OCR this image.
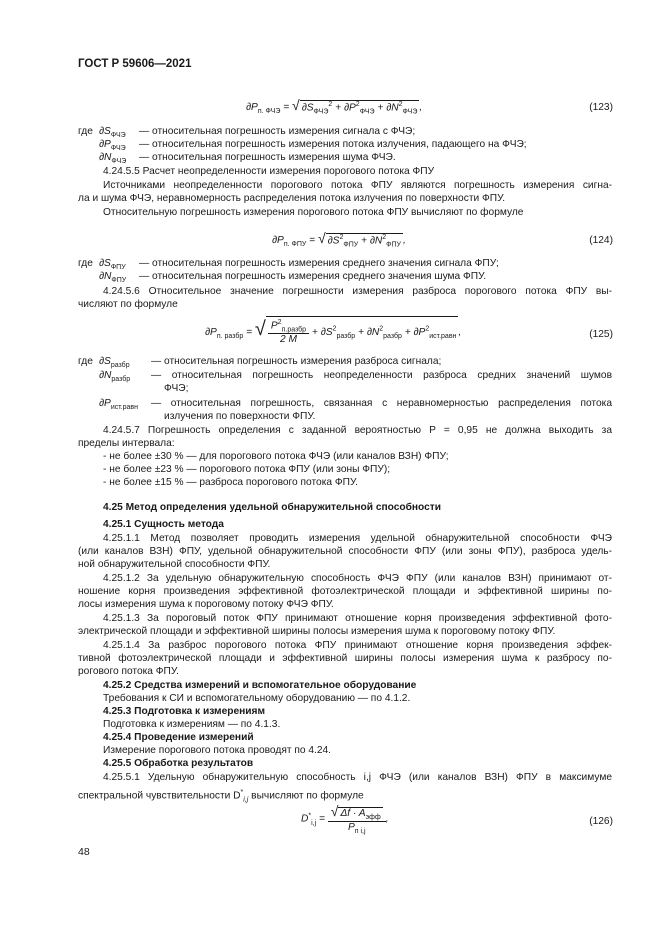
ГОСТ Р 59606—2021
$\partial P_{п. ФЧЭ}$ = √ $\partial S_{ФЧЭ}^2 + \partial P^2_{ФЧЭ} + \partial N^2_{ФЧЭ}$ ,	(123)
где $\partial S_{ФЧЭ}$ — относительная погрешность измерения сигнала с ФЧЭ;
$\partial P_{ФЧЭ}$ — относительная погрешность измерения потока излучения, падающего на ФЧЭ;
$\partial N_{ФЧЭ}$ — относительная погрешность измерения шума ФЧЭ.
4.24.5.5 Расчет неопределенности измерения порогового потока ФПУ
Источниками неопределенности порогового потока ФПУ являются погрешность измерения сигна-
ла и шума ФЧЭ, неравномерность распределения потока излучения по поверхности ФПУ.
Относительную погрешность измерения порогового потока ФПУ вычисляют по формуле
$\partial P_{п. ФПУ}$ = √ $\partial S^2_{ФПУ} + \partial N^2_{ФПУ}$ ,	(124)
где $\partial S_{ФПУ}$ — относительная погрешность измерения среднего значения сигнала ФПУ;
$\partial N_{ФПУ}$ — относительная погрешность измерения среднего значения шума ФПУ.
4.24.5.6 Относительное значение погрешности измерения разброса порогового потока ФПУ вы-
числяют по формуле
$\partial P_{п. разбр}$ = √ $\frac{P^2_{п.разбр}}{2 M} + \partial S^2_{разбр} + \partial N^2_{разбр} + \partial P^2_{ист.равн}$ ,	(125)
где $\partial S_{разбр}$ — относительная погрешность измерения разброса сигнала;
$\partial N_{разбр}$ — относительная погрешность неопределенности разброса средних значений шумов
ФЧЭ;
$\partial P_{ист.равн}$ — относительная погрешность, связанная с неравномерностью распределения потока
излучения по поверхности ФПУ.
4.24.5.7 Погрешность определения с заданной вероятностью P = 0,95 не должна выходить за
пределы интервала:
- не более ±30 % — для порогового потока ФЧЭ (или каналов ВЗН) ФПУ;
- не более ±23 % — порогового потока ФПУ (или зоны ФПУ);
- не более ±15 % — разброса порогового потока ФПУ.
4.25 Метод определения удельной обнаружительной способности
4.25.1 Сущность метода
4.25.1.1 Метод позволяет проводить измерения удельной обнаружительной способности ФЧЭ
(или каналов ВЗН) ФПУ, удельной обнаружительной способности ФПУ (или зоны ФПУ), разброса удель-
ной обнаружительной способности ФПУ.
4.25.1.2 За удельную обнаружительную способность ФЧЭ ФПУ (или каналов ВЗН) принимают от-
ношение корня произведения эффективной фотоэлектрической площади и эффективной ширины по-
лосы измерения шума к пороговому потоку ФЧЭ ФПУ.
4.25.1.3 За пороговый поток ФПУ принимают отношение корня произведения эффективной фото-
электрической площади и эффективной ширины полосы измерения шума к пороговому потоку ФПУ.
4.25.1.4 За разброс порогового потока ФПУ принимают отношение корня произведения эффек-
тивной фотоэлектрической площади и эффективной ширины полосы измерения шума к разбросу по-
рогового потока ФПУ.
4.25.2 Средства измерений и вспомогательное оборудование
Требования к СИ и вспомогательному оборудованию — по 4.1.2.
4.25.3 Подготовка к измерениям
Подготовка к измерениям — по 4.1.3.
4.25.4 Проведение измерений
Измерение порогового потока проводят по 4.24.
4.25.5 Обработка результатов
4.25.5.1 Удельную обнаружительную способность i,j ФЧЭ (или каналов ВЗН) ФПУ в максимуме
спектральной чувствительности $D^*_{i,j}$ вычисляют по формуле
$D^*_{i,j} = \frac{√ \Delta f \cdot A_{эфф}}{P_{п i,j}}$ ,	(126)
48
